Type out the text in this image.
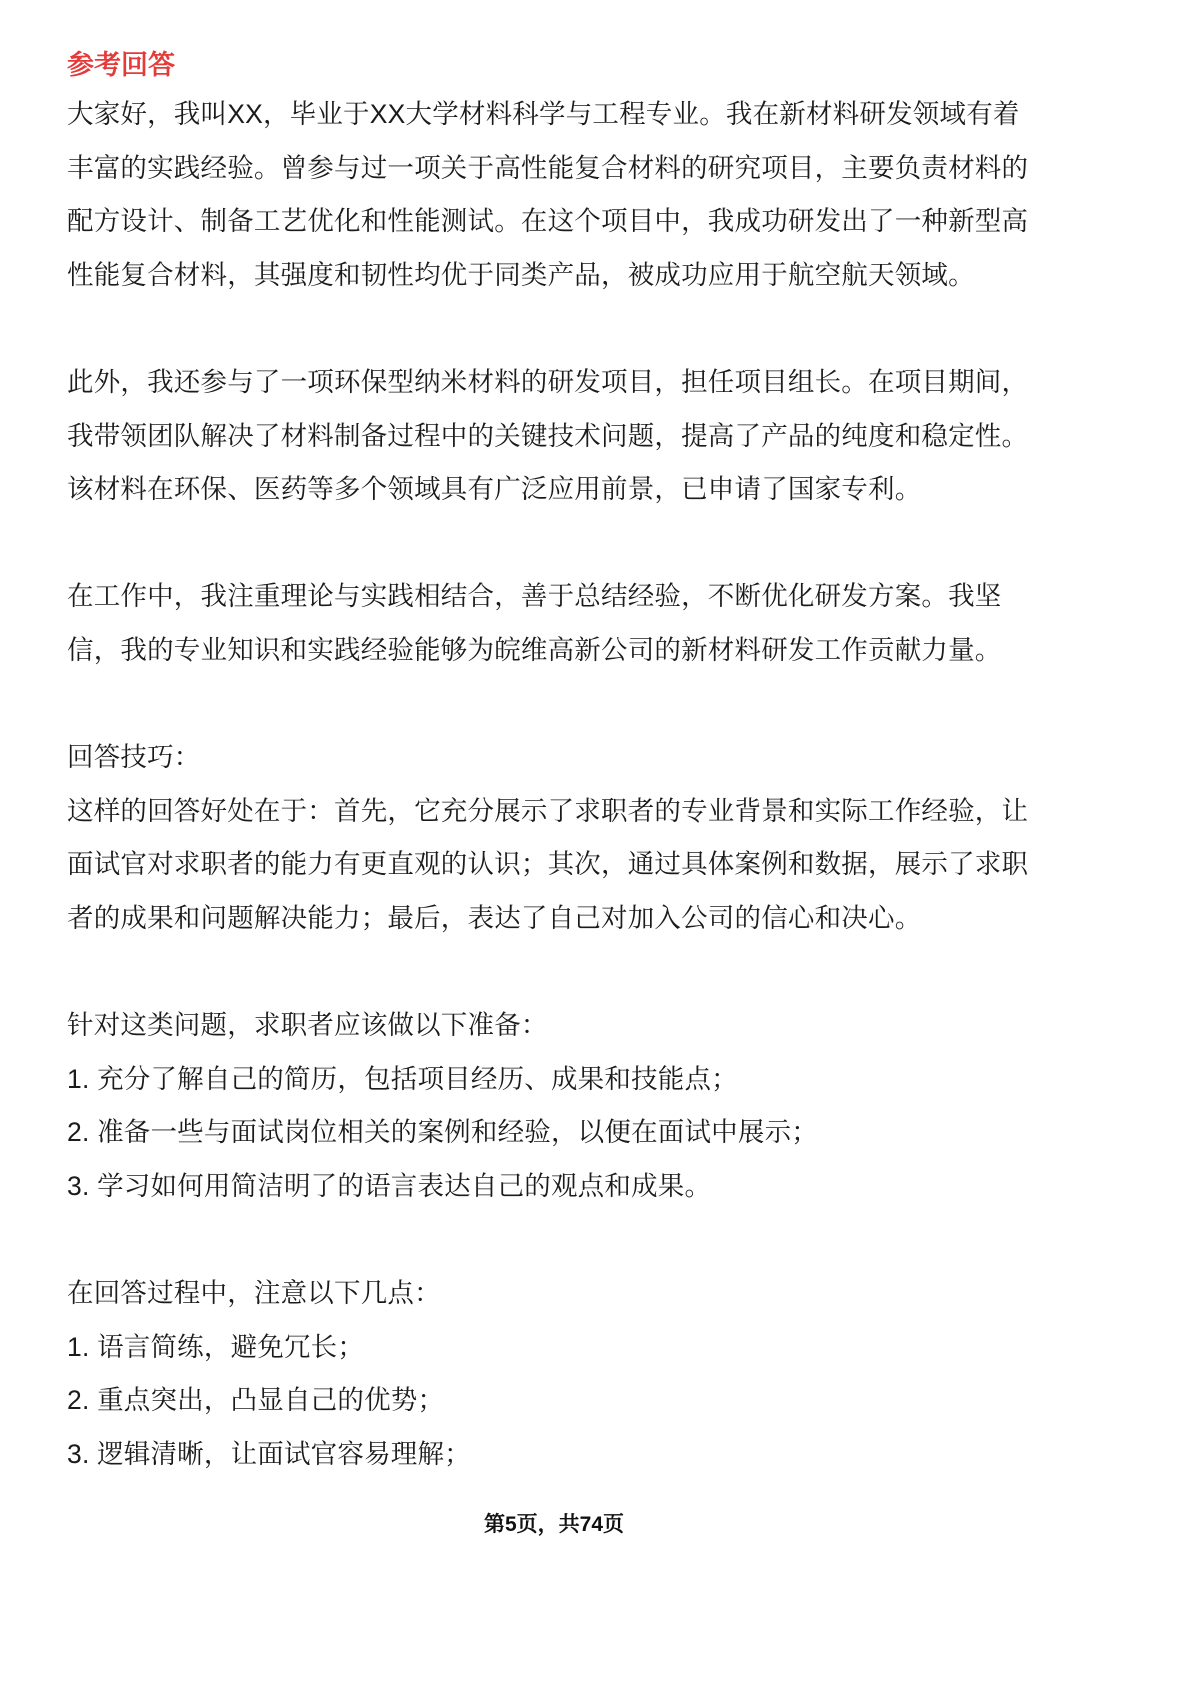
参考回答
大家好，我叫XX，毕业于XX大学材料科学与工程专业。我在新材料研发领域有着
丰富的实践经验。曾参与过一项关于高性能复合材料的研究项目，主要负责材料的
配方设计、制备工艺优化和性能测试。在这个项目中，我成功研发出了一种新型高
性能复合材料，其强度和韧性均优于同类产品，被成功应用于航空航天领域。
此外，我还参与了一项环保型纳米材料的研发项目，担任项目组长。在项目期间，
我带领团队解决了材料制备过程中的关键技术问题，提高了产品的纯度和稳定性。
该材料在环保、医药等多个领域具有广泛应用前景，已申请了国家专利。
在工作中，我注重理论与实践相结合，善于总结经验，不断优化研发方案。我坚
信，我的专业知识和实践经验能够为皖维高新公司的新材料研发工作贡献力量。
回答技巧：
这样的回答好处在于：首先，它充分展示了求职者的专业背景和实际工作经验，让
面试官对求职者的能力有更直观的认识；其次，通过具体案例和数据，展示了求职
者的成果和问题解决能力；最后，表达了自己对加入公司的信心和决心。
针对这类问题，求职者应该做以下准备：
1. 充分了解自己的简历，包括项目经历、成果和技能点；
2. 准备一些与面试岗位相关的案例和经验，以便在面试中展示；
3. 学习如何用简洁明了的语言表达自己的观点和成果。
在回答过程中，注意以下几点：
1. 语言简练，避免冗长；
2. 重点突出，凸显自己的优势；
3. 逻辑清晰，让面试官容易理解；
第5页，共74页
